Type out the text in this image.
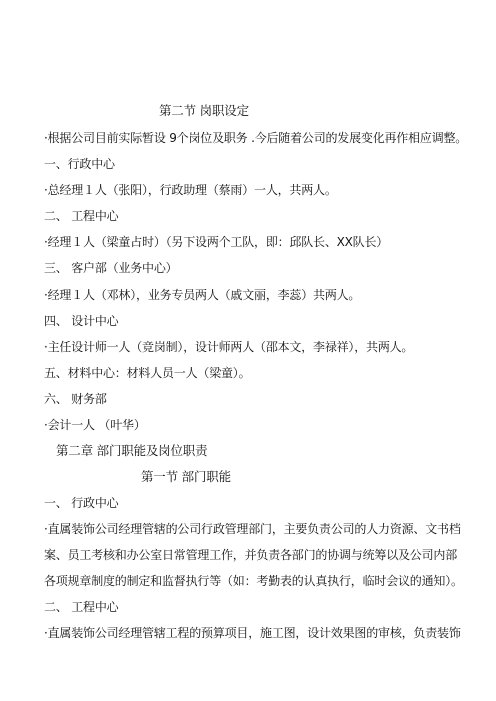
第二节 岗职设定
·根据公司目前实际暂设 9个岗位及职务 .今后随着公司的发展变化再作相应调整。
一、行政中心
·总经理１人（张阳），行政助理（蔡雨）一人，共两人。
二、 工程中心
·经理１人（梁童占时）（另下设两个工队，即：邱队长、XX队长）
三、 客户部（业务中心）
·经理１人（邓林），业务专员两人（戚文丽，李蕊）共两人。
四、 设计中心
·主任设计师一人（竞岗制），设计师两人（邵本文，李禄祥），共两人。
五、材料中心：材料人员一人（梁童）。
六、 财务部
·会计一人 （叶华）
第二章 部门职能及岗位职责
第一节 部门职能
一、 行政中心
·直属装饰公司经理管辖的公司行政管理部门，主要负责公司的人力资源、文书档
案、员工考核和办公室日常管理工作，并负责各部门的协调与统筹以及公司内部
各项规章制度的制定和监督执行等（如：考勤表的认真执行，临时会议的通知）。
二、 工程中心
·直属装饰公司经理管辖工程的预算项目，施工图，设计效果图的审核，负责装饰
